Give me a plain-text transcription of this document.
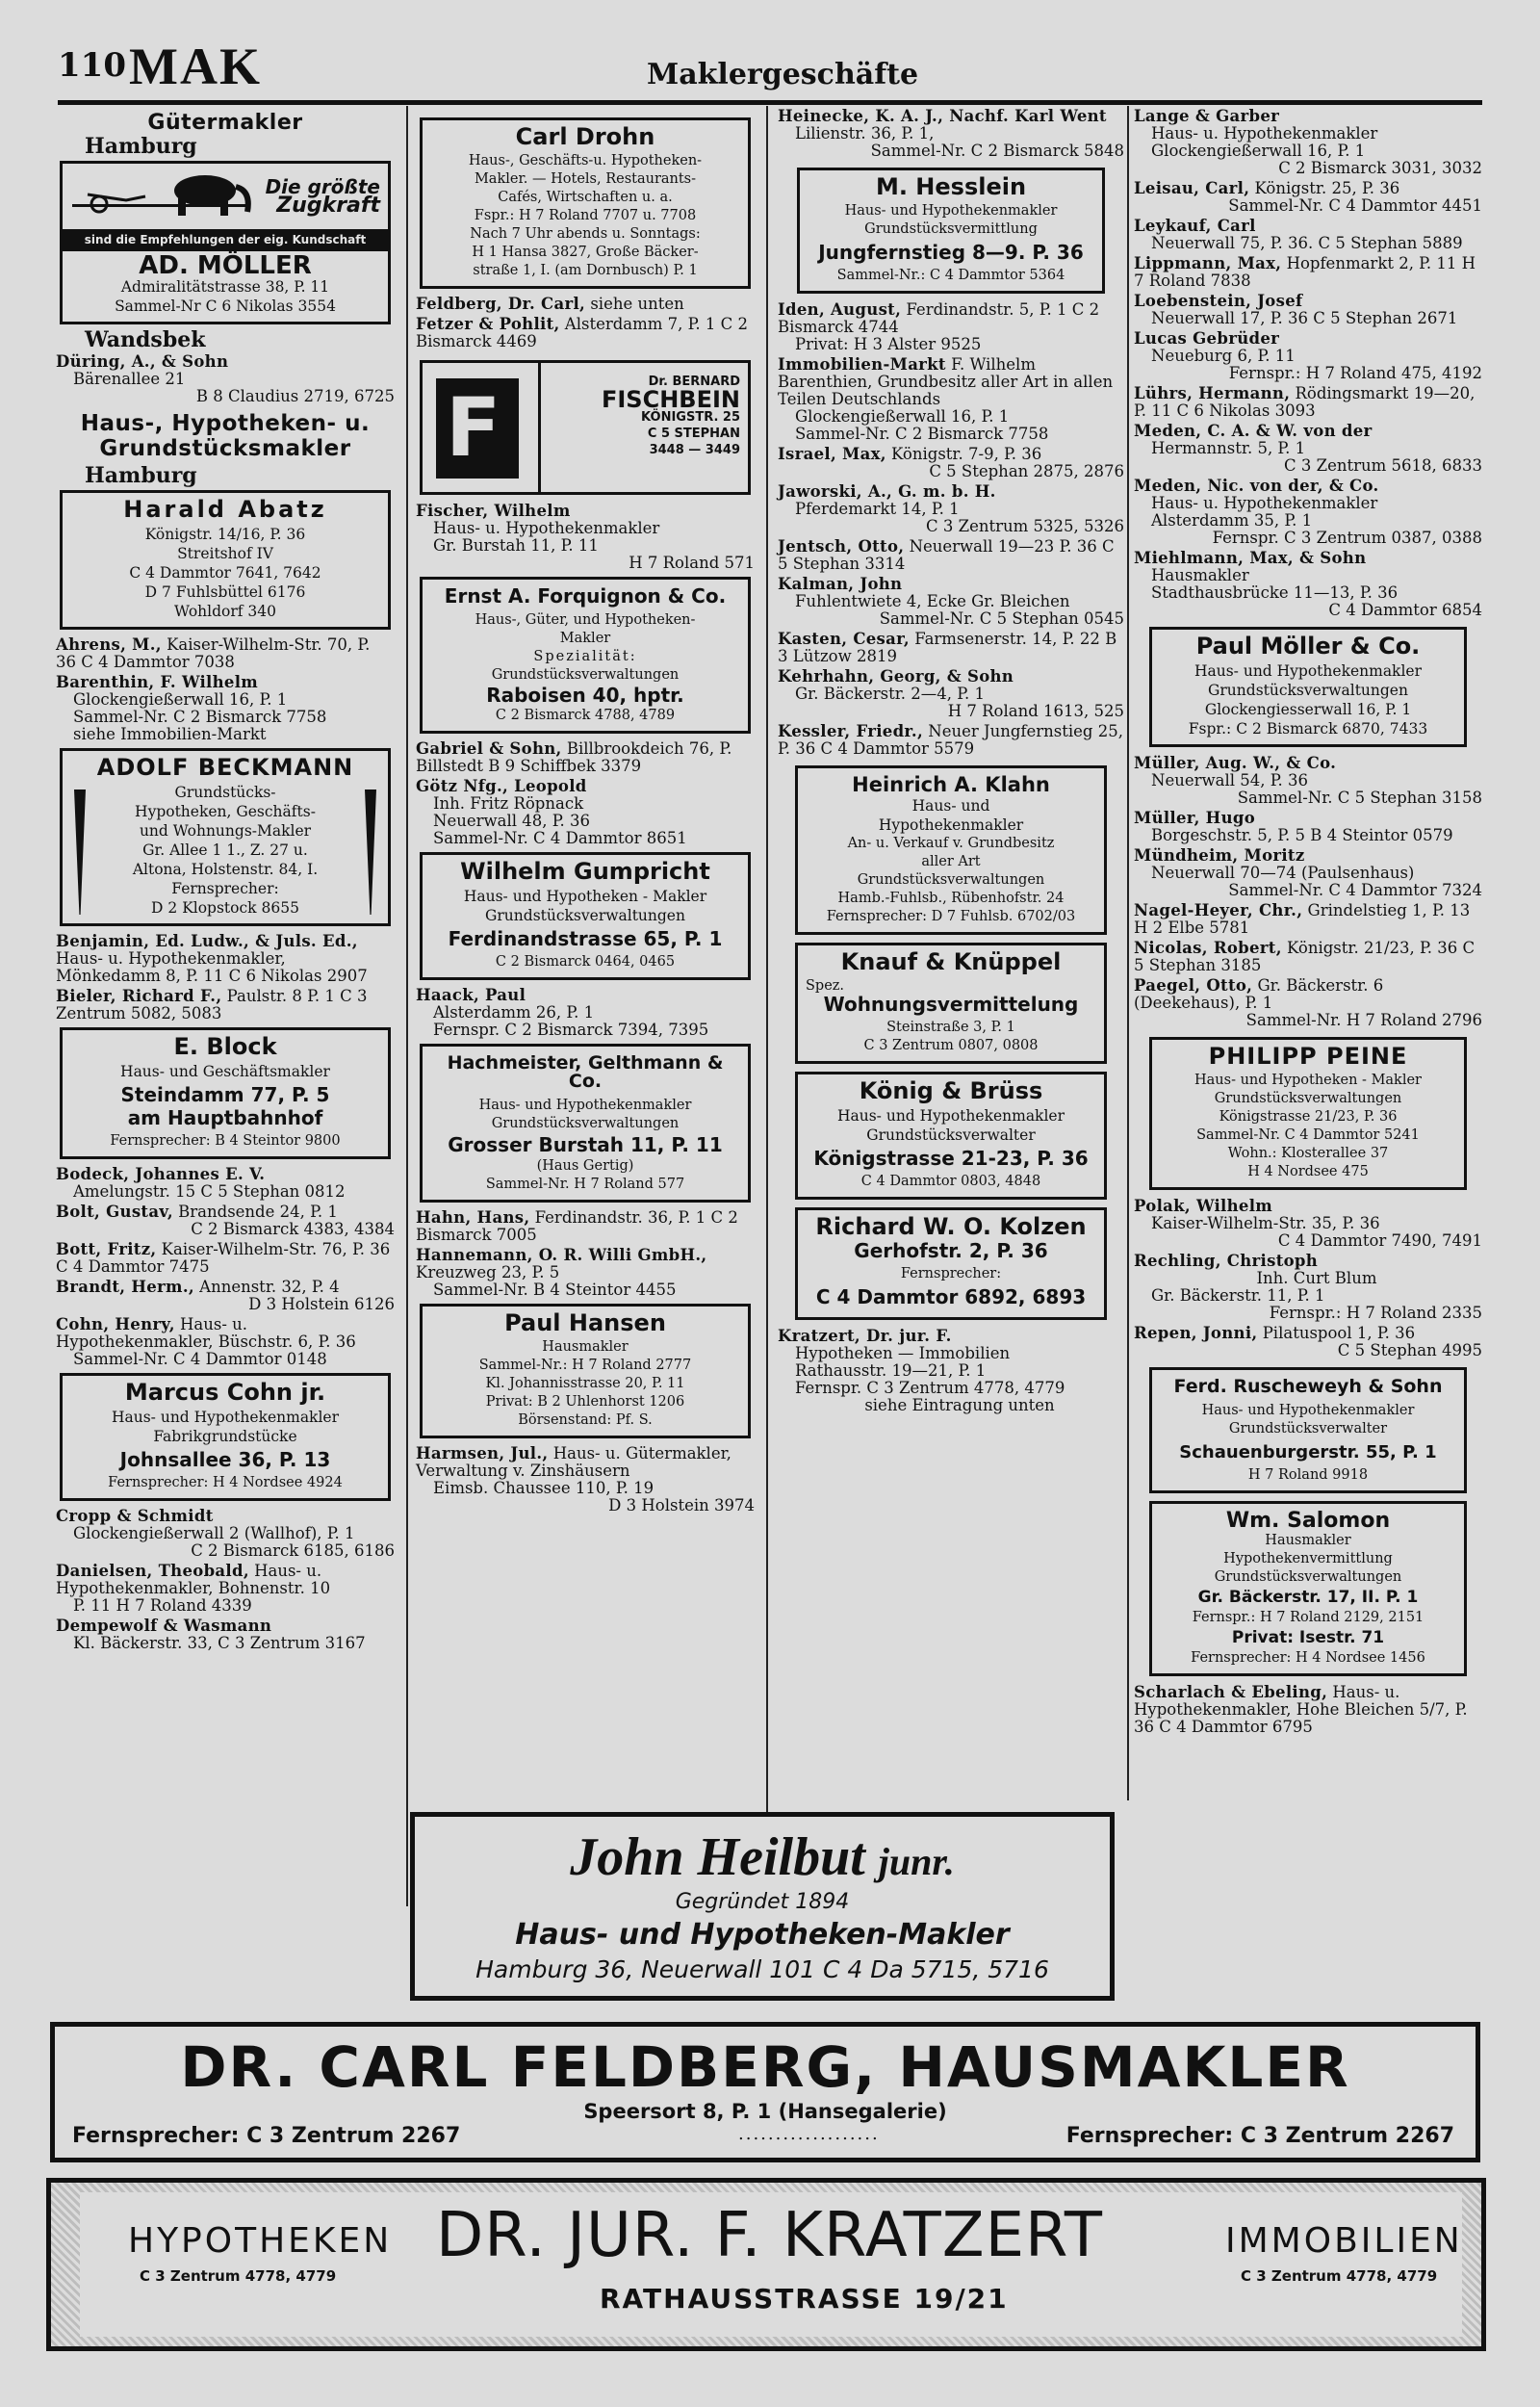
110 MAK	Maklergeschäfte
Gütermakler
Hamburg
Die größte
Zugkraft
sind die Empfehlungen der eig. Kundschaft
AD. MÖLLER
Admiralitätstrasse 38, P. 11
Sammel-Nr C 6 Nikolas 3554
Wandsbek
Düring, A., & Sohn
Bärenallee 21
B 8 Claudius 2719, 6725
Haus-, Hypotheken- u. Grundstücksmakler
Hamburg
Harald Abatz
Königstr. 14/16, P. 36
Streitshof IV
C 4 Dammtor 7641, 7642
D 7 Fuhlsbüttel 6176
Wohldorf 340
Ahrens, M., Kaiser-Wilhelm-Str. 70, P. 36 C 4 Dammtor 7038
Barenthin, F. Wilhelm
Glockengießerwall 16, P. 1
Sammel-Nr. C 2 Bismarck 7758
siehe Immobilien-Markt
ADOLF BECKMANN
Grundstücks-
Hypotheken, Geschäfts-
und Wohnungs-Makler
Gr. Allee 1 1., Z. 27 u.
Altona, Holstenstr. 84, I.
Fernsprecher:
D 2 Klopstock 8655
Benjamin, Ed. Ludw., & Juls. Ed., Haus- u. Hypothekenmakler, Mönkedamm 8, P. 11 C 6 Nikolas 2907
Bieler, Richard F., Paulstr. 8 P. 1 C 3 Zentrum 5082, 5083
E. Block
Haus- und Geschäftsmakler
Steindamm 77, P. 5
am Hauptbahnhof
Fernsprecher: B 4 Steintor 9800
Bodeck, Johannes E. V.
Amelungstr. 15 C 5 Stephan 0812
Bolt, Gustav, Brandsende 24, P. 1
C 2 Bismarck 4383, 4384
Bott, Fritz, Kaiser-Wilhelm-Str. 76, P. 36 C 4 Dammtor 7475
Brandt, Herm., Annenstr. 32, P. 4
D 3 Holstein 6126
Cohn, Henry, Haus- u. Hypothekenmakler, Büschstr. 6, P. 36
Sammel-Nr. C 4 Dammtor 0148
Marcus Cohn jr.
Haus- und Hypothekenmakler
Fabrikgrundstücke
Johnsallee 36, P. 13
Fernsprecher: H 4 Nordsee 4924
Cropp & Schmidt
Glockengießerwall 2 (Wallhof), P. 1
C 2 Bismarck 6185, 6186
Danielsen, Theobald, Haus- u. Hypothekenmakler, Bohnenstr. 10
P. 11 H 7 Roland 4339
Dempewolf & Wasmann
Kl. Bäckerstr. 33, C 3 Zentrum 3167
Carl Drohn
Haus-, Geschäfts-u. Hypotheken-
Makler. — Hotels, Restaurants-
Cafés, Wirtschaften u. a.
Fspr.: H 7 Roland 7707 u. 7708
Nach 7 Uhr abends u. Sonntags:
H 1 Hansa 3827, Große Bäcker-
straße 1, I. (am Dornbusch) P. 1
Feldberg, Dr. Carl, siehe unten
Fetzer & Pohlit, Alsterdamm 7, P. 1 C 2 Bismarck 4469
F	Dr. BERNARD
FISCHBEIN
KÖNIGSTR. 25
C 5 STEPHAN
3448 — 3449
Fischer, Wilhelm
Haus- u. Hypothekenmakler
Gr. Burstah 11, P. 11
H 7 Roland 571
Ernst A. Forquignon & Co.
Haus-, Güter, und Hypotheken-
Makler
Spezialität:
Grundstücksverwaltungen
Raboisen 40, hptr.
C 2 Bismarck 4788, 4789
Gabriel & Sohn, Billbrookdeich 76, P. Billstedt B 9 Schiffbek 3379
Götz Nfg., Leopold
Inh. Fritz Röpnack
Neuerwall 48, P. 36
Sammel-Nr. C 4 Dammtor 8651
Wilhelm Gumpricht
Haus- und Hypotheken - Makler
Grundstücksverwaltungen
Ferdinandstrasse 65, P. 1
C 2 Bismarck 0464, 0465
Haack, Paul
Alsterdamm 26, P. 1
Fernspr. C 2 Bismarck 7394, 7395
Hachmeister, Gelthmann & Co.
Haus- und Hypothekenmakler
Grundstücksverwaltungen
Grosser Burstah 11, P. 11
(Haus Gertig)
Sammel-Nr. H 7 Roland 577
Hahn, Hans, Ferdinandstr. 36, P. 1 C 2 Bismarck 7005
Hannemann, O. R. Willi GmbH., Kreuzweg 23, P. 5
Sammel-Nr. B 4 Steintor 4455
Paul Hansen
Hausmakler
Sammel-Nr.: H 7 Roland 2777
Kl. Johannisstrasse 20, P. 11
Privat: B 2 Uhlenhorst 1206
Börsenstand: Pf. S.
Harmsen, Jul., Haus- u. Gütermakler, Verwaltung v. Zinshäusern
Eimsb. Chaussee 110, P. 19
D 3 Holstein 3974
Heinecke, K. A. J., Nachf. Karl Went
Lilienstr. 36, P. 1,
Sammel-Nr. C 2 Bismarck 5848
M. Hesslein
Haus- und Hypothekenmakler
Grundstücksvermittlung
Jungfernstieg 8—9. P. 36
Sammel-Nr.: C 4 Dammtor 5364
Iden, August, Ferdinandstr. 5, P. 1 C 2 Bismarck 4744
Privat: H 3 Alster 9525
Immobilien-Markt F. Wilhelm Barenthien, Grundbesitz aller Art in allen Teilen Deutschlands
Glockengießerwall 16, P. 1
Sammel-Nr. C 2 Bismarck 7758
Israel, Max, Königstr. 7-9, P. 36
C 5 Stephan 2875, 2876
Jaworski, A., G. m. b. H.
Pferdemarkt 14, P. 1
C 3 Zentrum 5325, 5326
Jentsch, Otto, Neuerwall 19—23 P. 36 C 5 Stephan 3314
Kalman, John
Fuhlentwiete 4, Ecke Gr. Bleichen
Sammel-Nr. C 5 Stephan 0545
Kasten, Cesar, Farmsenerstr. 14, P. 22 B 3 Lützow 2819
Kehrhahn, Georg, & Sohn
Gr. Bäckerstr. 2—4, P. 1
H 7 Roland 1613, 525
Kessler, Friedr., Neuer Jungfernstieg 25, P. 36 C 4 Dammtor 5579
Heinrich A. Klahn
Haus- und
Hypothekenmakler
An- u. Verkauf v. Grundbesitz
aller Art
Grundstücksverwaltungen
Hamb.-Fuhlsb., Rübenhofstr. 24
Fernsprecher: D 7 Fuhlsb. 6702/03
Knauf & Knüppel
Spez.
Wohnungsvermittelung
Steinstraße 3, P. 1
C 3 Zentrum 0807, 0808
König & Brüss
Haus- und Hypothekenmakler
Grundstücksverwalter
Königstrasse 21-23, P. 36
C 4 Dammtor 0803, 4848
Richard W. O. Kolzen
Gerhofstr. 2, P. 36
Fernsprecher:
C 4 Dammtor 6892, 6893
Kratzert, Dr. jur. F.
Hypotheken — Immobilien
Rathausstr. 19—21, P. 1
Fernspr. C 3 Zentrum 4778, 4779
siehe Eintragung unten
Lange & Garber
Haus- u. Hypothekenmakler
Glockengießerwall 16, P. 1
C 2 Bismarck 3031, 3032
Leisau, Carl, Königstr. 25, P. 36
Sammel-Nr. C 4 Dammtor 4451
Leykauf, Carl
Neuerwall 75, P. 36. C 5 Stephan 5889
Lippmann, Max, Hopfenmarkt 2, P. 11 H 7 Roland 7838
Loebenstein, Josef
Neuerwall 17, P. 36 C 5 Stephan 2671
Lucas Gebrüder
Neueburg 6, P. 11
Fernspr.: H 7 Roland 475, 4192
Lührs, Hermann, Rödingsmarkt 19—20, P. 11 C 6 Nikolas 3093
Meden, C. A. & W. von der
Hermannstr. 5, P. 1
C 3 Zentrum 5618, 6833
Meden, Nic. von der, & Co.
Haus- u. Hypothekenmakler
Alsterdamm 35, P. 1
Fernspr. C 3 Zentrum 0387, 0388
Miehlmann, Max, & Sohn
Hausmakler
Stadthausbrücke 11—13, P. 36
C 4 Dammtor 6854
Paul Möller & Co.
Haus- und Hypothekenmakler
Grundstücksverwaltungen
Glockengiesserwall 16, P. 1
Fspr.: C 2 Bismarck 6870, 7433
Müller, Aug. W., & Co.
Neuerwall 54, P. 36
Sammel-Nr. C 5 Stephan 3158
Müller, Hugo
Borgeschstr. 5, P. 5 B 4 Steintor 0579
Mündheim, Moritz
Neuerwall 70—74 (Paulsenhaus)
Sammel-Nr. C 4 Dammtor 7324
Nagel-Heyer, Chr., Grindelstieg 1, P. 13 H 2 Elbe 5781
Nicolas, Robert, Königstr. 21/23, P. 36 C 5 Stephan 3185
Paegel, Otto, Gr. Bäckerstr. 6 (Deekehaus), P. 1
Sammel-Nr. H 7 Roland 2796
PHILIPP PEINE
Haus- und Hypotheken - Makler
Grundstücksverwaltungen
Königstrasse 21/23, P. 36
Sammel-Nr. C 4 Dammtor 5241
Wohn.: Klosterallee 37
H 4 Nordsee 475
Polak, Wilhelm
Kaiser-Wilhelm-Str. 35, P. 36
C 4 Dammtor 7490, 7491
Rechling, Christoph
Inh. Curt Blum
Gr. Bäckerstr. 11, P. 1
Fernspr.: H 7 Roland 2335
Repen, Jonni, Pilatuspool 1, P. 36
C 5 Stephan 4995
Ferd. Ruscheweyh & Sohn
Haus- und Hypothekenmakler
Grundstücksverwalter
Schauenburgerstr. 55, P. 1
H 7 Roland 9918
Wm. Salomon
Hausmakler
Hypothekenvermittlung
Grundstücksverwaltungen
Gr. Bäckerstr. 17, II. P. 1
Fernspr.: H 7 Roland 2129, 2151
Privat: Isestr. 71
Fernsprecher: H 4 Nordsee 1456
Scharlach & Ebeling, Haus- u. Hypothekenmakler, Hohe Bleichen 5/7, P. 36 C 4 Dammtor 6795
John Heilbut junr.
Gegründet 1894
Haus- und Hypotheken-Makler
Hamburg 36, Neuerwall 101 C 4 Da 5715, 5716
DR. CARL FELDBERG, HAUSMAKLER
Speersort 8, P. 1 (Hansegalerie)
Fernsprecher: C 3 Zentrum 2267	...................	Fernsprecher: C 3 Zentrum 2267
HYPOTHEKEN
C 3 Zentrum 4778, 4779
DR. JUR. F. KRATZERT
RATHAUSSTRASSE 19/21
IMMOBILIEN
C 3 Zentrum 4778, 4779
